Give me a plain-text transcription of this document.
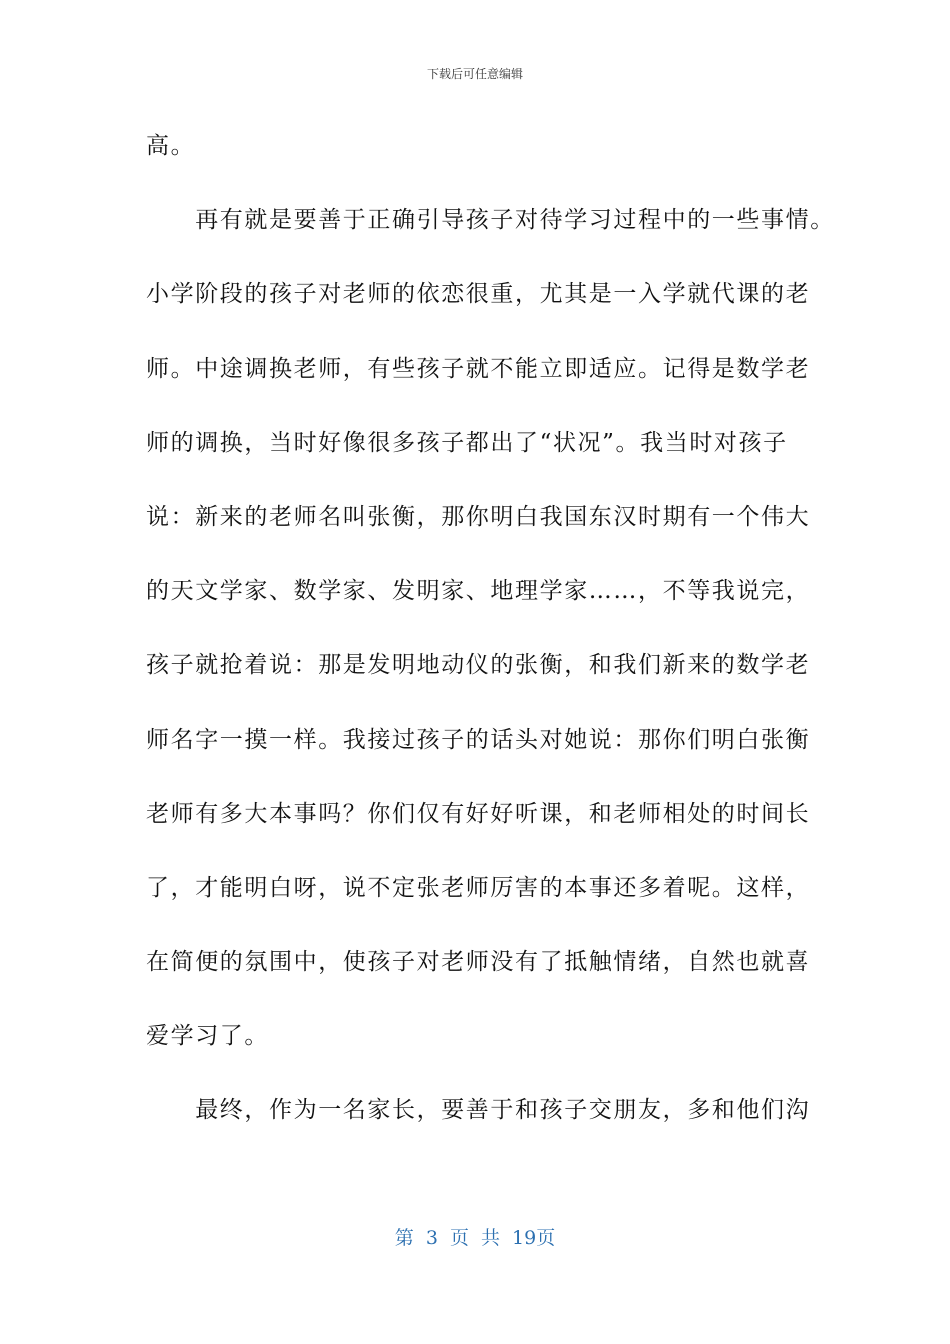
下载后可任意编辑
高。
　　再有就是要善于正确引导孩子对待学习过程中的一些事情。
小学阶段的孩子对老师的依恋很重，尤其是一入学就代课的老
师。中途调换老师，有些孩子就不能立即适应。记得是数学老
师的调换，当时好像很多孩子都出了“状况”。我当时对孩子
说：新来的老师名叫张衡，那你明白我国东汉时期有一个伟大
的天文学家、数学家、发明家、地理学家……，不等我说完，
孩子就抢着说：那是发明地动仪的张衡，和我们新来的数学老
师名字一摸一样。我接过孩子的话头对她说：那你们明白张衡
老师有多大本事吗？你们仅有好好听课，和老师相处的时间长
了，才能明白呀，说不定张老师厉害的本事还多着呢。这样，
在简便的氛围中，使孩子对老师没有了抵触情绪，自然也就喜
爱学习了。
　　最终，作为一名家长，要善于和孩子交朋友，多和他们沟
第 3 页 共 19页
